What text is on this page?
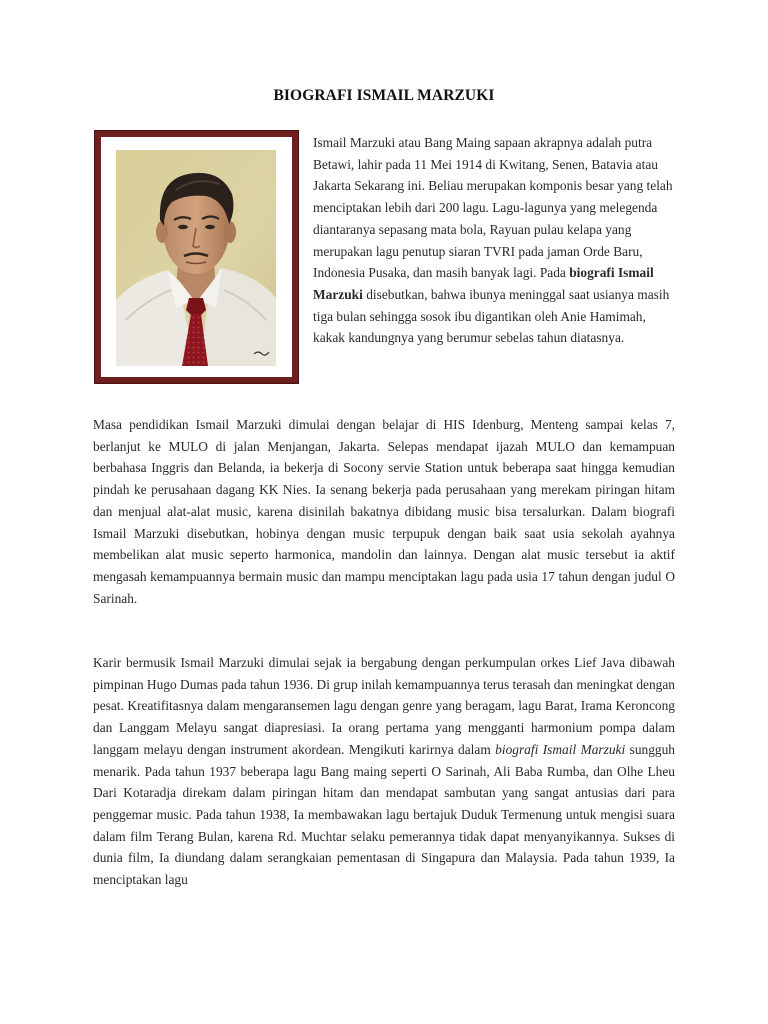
BIOGRAFI ISMAIL MARZUKI

Ismail Marzuki atau Bang Maing sapaan akrapnya adalah putra Betawi, lahir pada 11 Mei 1914 di Kwitang, Senen, Batavia atau Jakarta Sekarang ini. Beliau merupakan komponis besar yang telah menciptakan lebih dari 200 lagu. Lagu-lagunya yang melegenda diantaranya sepasang mata bola, Rayuan pulau kelapa yang merupakan lagu penutup siaran TVRI pada jaman Orde Baru, Indonesia Pusaka, dan masih banyak lagi. Pada biografi Ismail Marzuki disebutkan, bahwa ibunya meninggal saat usianya masih tiga bulan sehingga sosok ibu digantikan oleh Anie Hamimah, kakak kandungnya yang berumur sebelas tahun diatasnya.

Masa pendidikan Ismail Marzuki dimulai dengan belajar di HIS Idenburg, Menteng sampai kelas 7, berlanjut ke MULO di jalan Menjangan, Jakarta. Selepas mendapat ijazah MULO dan kemampuan berbahasa Inggris dan Belanda, ia bekerja di Socony servie Station untuk beberapa saat hingga kemudian pindah ke perusahaan dagang KK Nies. Ia senang bekerja pada perusahaan yang merekam piringan hitam dan menjual alat-alat music, karena disinilah bakatnya dibidang music bisa tersalurkan. Dalam biografi Ismail Marzuki disebutkan, hobinya dengan music terpupuk dengan baik saat usia sekolah ayahnya membelikan alat music seperto harmonica, mandolin dan lainnya. Dengan alat music tersebut ia aktif mengasah kemampuannya bermain music dan mampu menciptakan lagu pada usia 17 tahun dengan judul O Sarinah.

Karir bermusik Ismail Marzuki dimulai sejak ia bergabung dengan perkumpulan orkes Lief Java dibawah pimpinan Hugo Dumas pada tahun 1936. Di grup inilah kemampuannya terus terasah dan meningkat dengan pesat. Kreatifitasnya dalam mengaransemen lagu dengan genre yang beragam, lagu Barat, Irama Keroncong dan Langgam Melayu sangat diapresiasi. Ia orang pertama yang mengganti harmonium pompa dalam langgam melayu dengan instrument akordean. Mengikuti karirnya dalam biografi Ismail Marzuki sungguh menarik. Pada tahun 1937 beberapa lagu Bang maing seperti O Sarinah, Ali Baba Rumba, dan Olhe Lheu Dari Kotaradja direkam dalam piringan hitam dan mendapat sambutan yang sangat antusias dari para penggemar music. Pada tahun 1938, Ia membawakan lagu bertajuk Duduk Termenung untuk mengisi suara dalam film Terang Bulan, karena Rd. Muchtar selaku pemerannya tidak dapat menyanyikannya. Sukses di dunia film, Ia diundang dalam serangkaian pementasan di Singapura dan Malaysia. Pada tahun 1939, Ia menciptakan lagu
